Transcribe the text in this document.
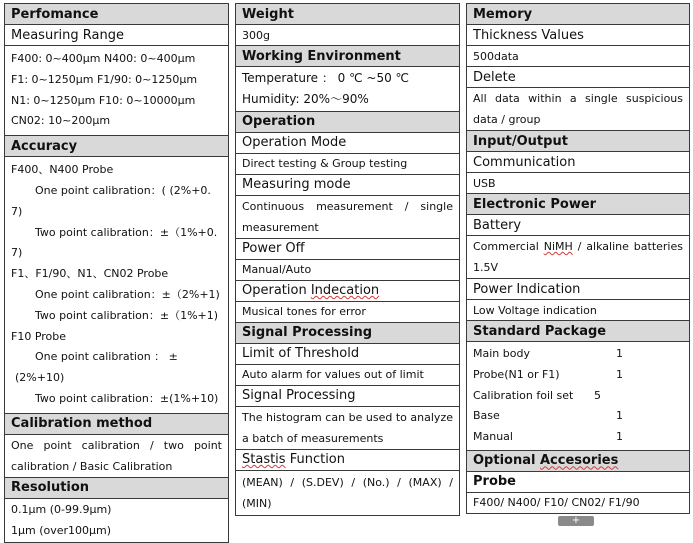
Perfomance
Measuring Range

F400: 0~400μm N400: 0~400μm
F1: 0~1250μm F1/90: 0~1250μm
N1: 0~1250μm F10: 0~10000μm
CN02: 10~200μm

Accuracy

F400、N400 Probe
One point calibration：( (2%+0.
7)
Two point calibration：±（1%+0.
7)
F1、F1/90、N1、CN02 Probe
One point calibration：±（2%+1)
Two point calibration：±（1%+1)
F10 Probe
One point calibration ： ±
(2%+10)
Two point calibration：±(1%+10)

Calibration method
One point calibration / two point calibration / Basic Calibration
Resolution

0.1μm (0-99.9μm)
1μm (over100μm)
Weight
300g
Working Environment

Temperature ： 0 ℃ ~50 ℃
Humidity: 20%～90%

Operation
Operation Mode
Direct testing & Group testing
Measuring mode
Continuous measurement / single measurement
Power Off
Manual/Auto
Operation Indecation
Musical tones for error
Signal Processing
Limit of Threshold
Auto alarm for values out of limit
Signal Processing
The histogram can be used to analyze a batch of measurements
Stastis Function
(MEAN) / (S.DEV) / (No.) / (MAX) / (MIN)
Memory
Thickness Values
500data
Delete
All data within a single suspicious data / group
Input/Output
Communication
USB
Electronic Power
Battery
Commercial NiMH / alkaline batteries 1.5V
Power Indication
Low Voltage indication
Standard Package

Main body	1
Probe(N1 or F1)	1
Calibration foil set 5
Base	1
Manual	1

Optional Accesories
Probe
F400/ N400/ F10/ CN02/ F1/90
+
